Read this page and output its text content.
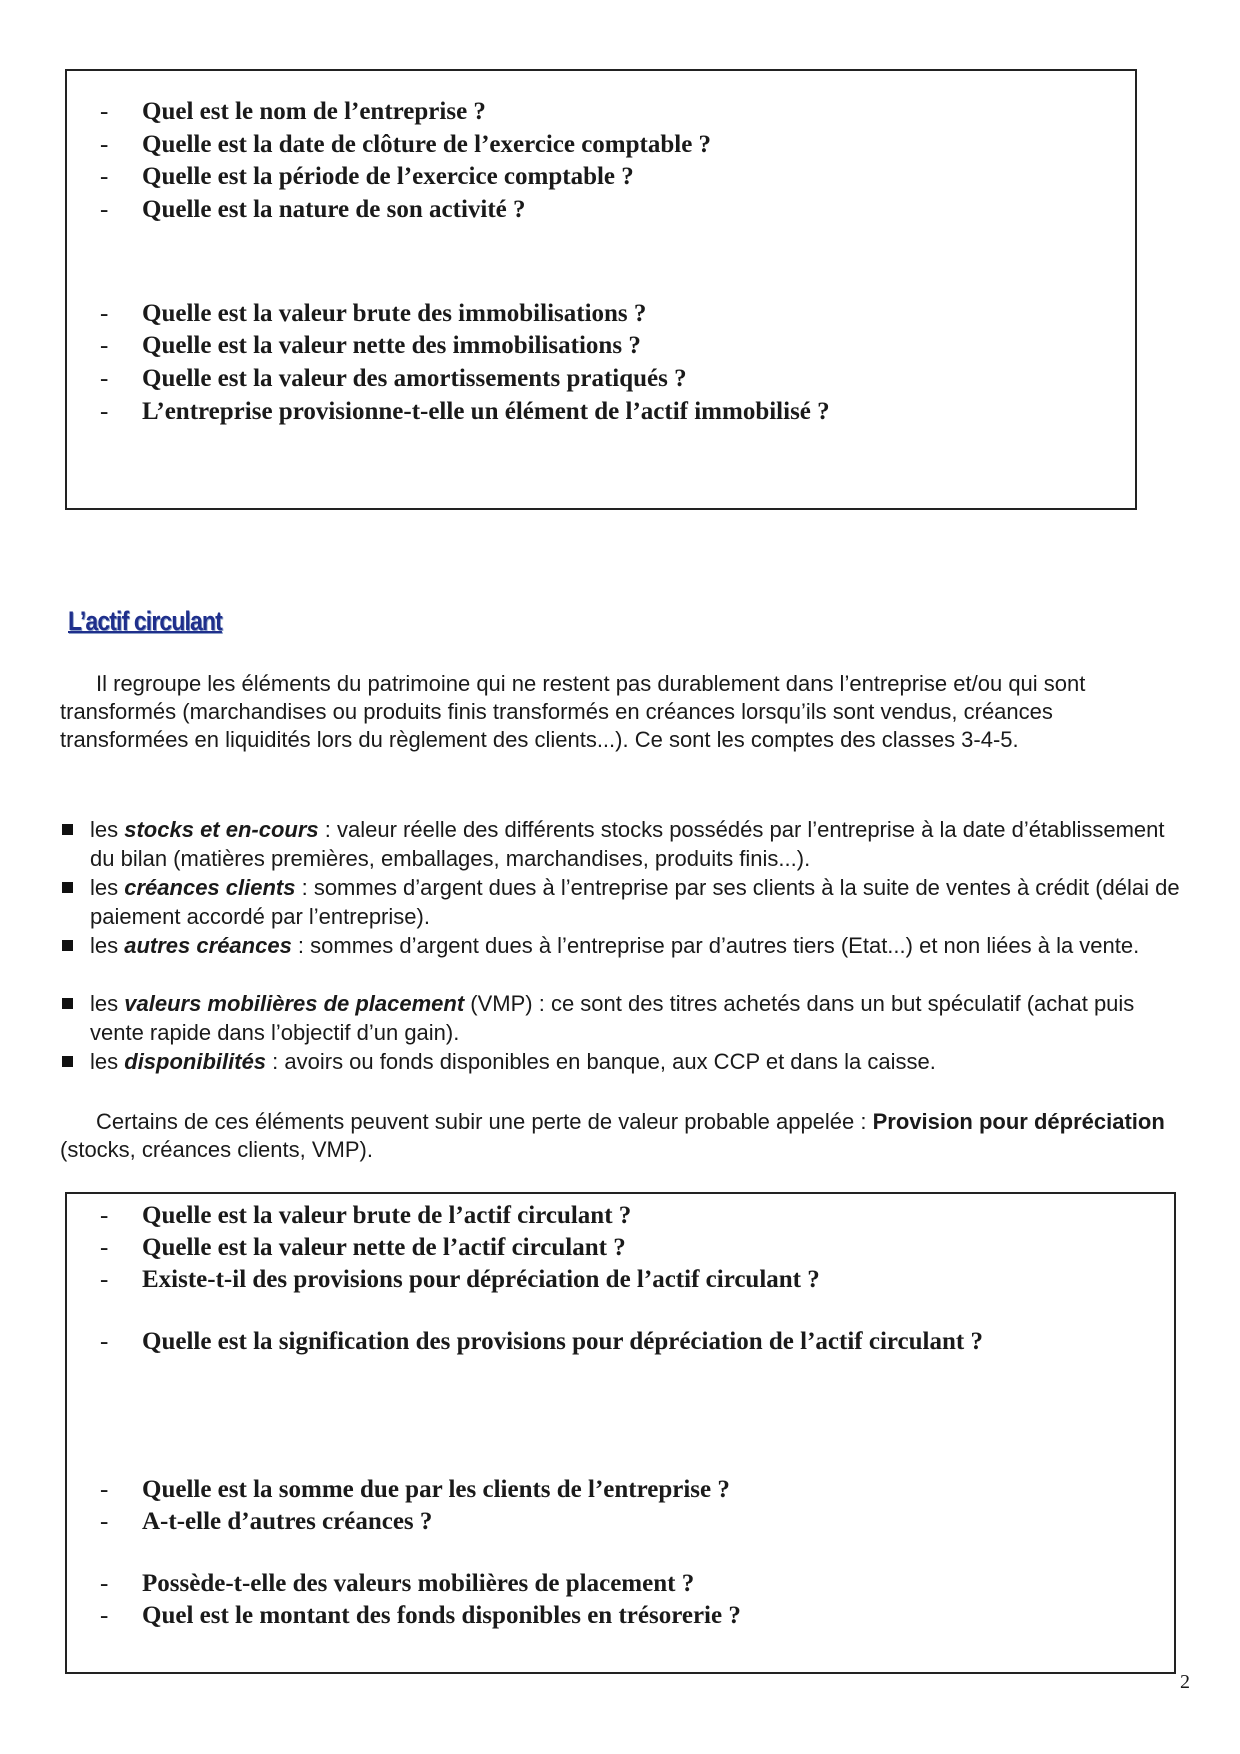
- Quel est le nom de l’entreprise ?
- Quelle est la date de clôture de l’exercice comptable ?
- Quelle est la période de l’exercice comptable ?
- Quelle est la nature de son activité ?
- Quelle est la valeur brute des immobilisations ?
- Quelle est la valeur nette des immobilisations ?
- Quelle est la valeur des amortissements pratiqués ?
- L’entreprise provisionne-t-elle un élément de l’actif immobilisé ?
L’actif circulant

Il regroupe les éléments du patrimoine qui ne restent pas durablement dans l’entreprise et/ou qui sont transformés (marchandises ou produits finis transformés en créances lorsqu’ils sont vendus, créances transformées en liquidités lors du règlement des clients...). Ce sont les comptes des classes 3-4-5.

les stocks et en-cours : valeur réelle des différents stocks possédés par l’entreprise à la date d’établissement du bilan (matières premières, emballages, marchandises, produits finis...).
les créances clients : sommes d’argent dues à l’entreprise par ses clients à la suite de ventes à crédit (délai de paiement accordé par l’entreprise).
les autres créances : sommes d’argent dues à l’entreprise par d’autres tiers (Etat...) et non liées à la vente.
les valeurs mobilières de placement (VMP) : ce sont des titres achetés dans un but spéculatif (achat puis vente rapide dans l’objectif d’un gain).
les disponibilités : avoirs ou fonds disponibles en banque, aux CCP et dans la caisse.

Certains de ces éléments peuvent subir une perte de valeur probable appelée : Provision pour dépréciation (stocks, créances clients, VMP).

- Quelle est la valeur brute de l’actif circulant ?
- Quelle est la valeur nette de l’actif circulant ?
- Existe-t-il des provisions pour dépréciation de l’actif circulant ?
- Quelle est la signification des provisions pour dépréciation de l’actif circulant ?
- Quelle est la somme due par les clients de l’entreprise ?
- A-t-elle d’autres créances ?
- Possède-t-elle des valeurs mobilières de placement ?
- Quel est le montant des fonds disponibles en trésorerie ?
2
